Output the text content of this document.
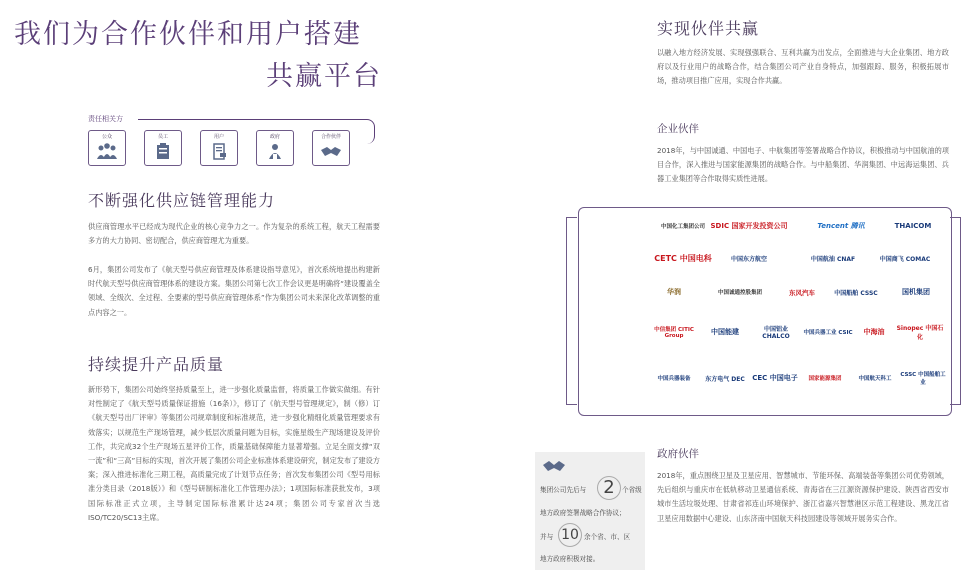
我们为合作伙伴和用户搭建
共赢平台
责任相关方
公众	员工	用户	政府	合作伙伴
不断强化供应链管理能力
供应商管理水平已经成为现代企业的核心竞争力之一。作为复杂的系统工程，航天工程需要多方的大力协同、密切配合，供应商管理尤为重要。
6月，集团公司发布了《航天型号供应商管理及体系建设指导意见》，首次系统地提出构建新时代航天型号供应商管理体系的建设方案。集团公司第七次工作会议更是明确将“建设覆盖全领域、全级次、全过程、全要素的型号供应商管理体系”作为集团公司未来深化改革调整的重点内容之一。
持续提升产品质量
新形势下，集团公司始终坚持质量至上，进一步强化质量监督，将质量工作做实做细。有针对性制定了《航天型号质量保证措施（16条）》，修订了《航天型号管理规定》，制（修）订《航天型号出厂评审》等集团公司规章制度和标准规范，进一步强化精细化质量管理要求有效落实；以规范生产现场管理，减少低层次质量问题为目标，实施星级生产现场建设及评价工作，共完成32个生产现场五星评价工作，质量基础保障能力显著增强。立足全面支撑“双一流”和“三高”目标的实现，首次开展了集团公司企业标准体系建设研究，制定发布了建设方案；深入推进标准化三期工程，高质量完成了计划节点任务；首次发布集团公司《型号用标准分类目录（2018版）》和《型号研制标准化工作管理办法》；1项国际标准获批发布，3项国际标准正式立项，主导制定国际标准累计达24项；集团公司专家首次当选ISO/TC20/SC13主席。
实现伙伴共赢
以融入地方经济发展、实现强强联合、互利共赢为出发点，全面推进与大企业集团、地方政府以及行业用户的战略合作，结合集团公司产业自身特点，加强跟踪、服务，积极拓展市场，推动项目推广应用，实现合作共赢。
企业伙伴
2018年，与中国诚通、中国电子、中航集团等签署战略合作协议，积极推动与中国航油的项目合作，深入推进与国家能源集团的战略合作。与中船集团、华润集团、中远海运集团、兵器工业集团等合作取得实质性进展。
中国化工集团公司 SDIC 国家开发投资公司	Tencent 腾讯	THAICOM
CETC 中国电科	中国东方航空	中国航油 CNAF	中国商飞 COMAC
华润	中国诚通控股集团	东风汽车	中国船舶 CSSC	国机集团
中信集团 CITIC Group	中国能建	中国铝业 CHALCO	中国兵器工业 CSIC 中海油	Sinopec 中国石化
中国兵器装备 东方电气 DEC CEC 中国电子 国家能源集团	中国航天科工
CSSC 中国船舶工业
政府伙伴
2018年，重点围绕卫星及卫星应用、智慧城市、节能环保、高端装备等集团公司优势领域，先后组织与重庆市在低轨移动卫星通信系统、青海省在三江源资源保护建设、陕西省西安市城市生活垃圾处理、甘肃省祁连山环境保护、浙江省嘉兴智慧港区示范工程建设、黑龙江省卫星应用数据中心建设、山东济南中国航天科技园建设等领域开展务实合作。
集团公司先后与 2	个省级
地方政府签署战略合作协议；
并与 10 余个省、市、区
地方政府积极对接。
